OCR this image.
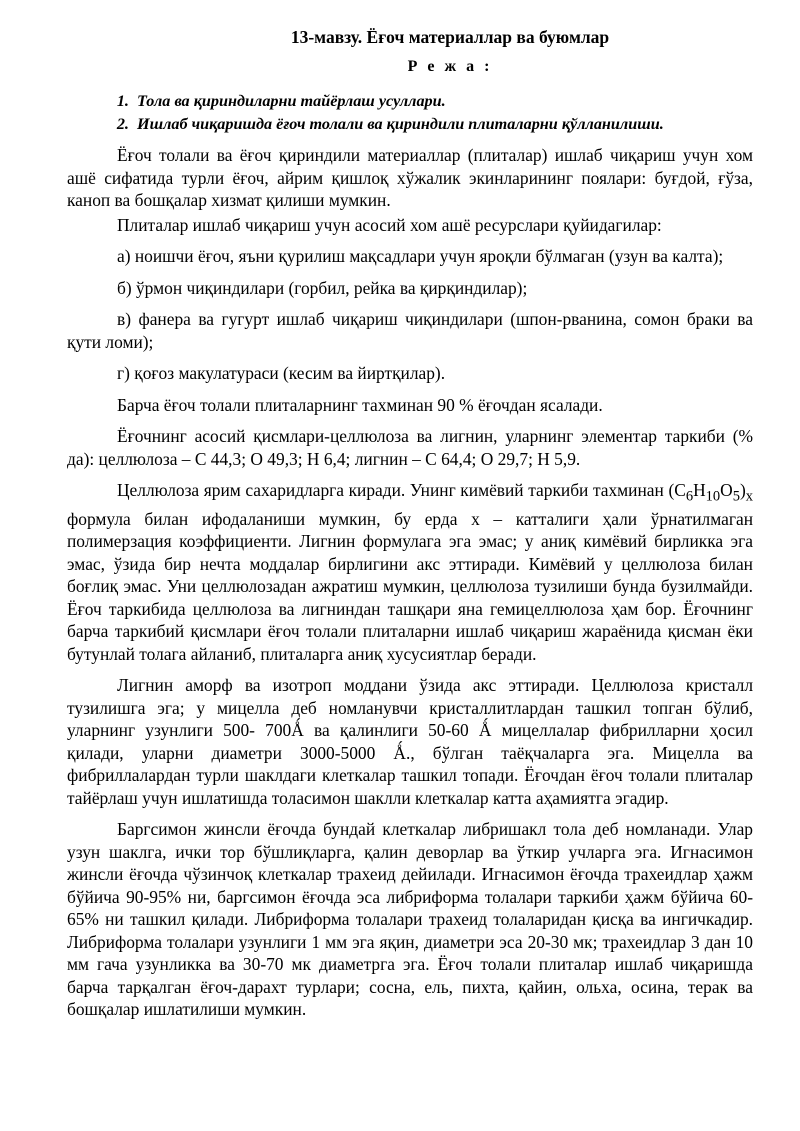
13-мавзу. Ёғоч материаллар ва буюмлар
Р е ж а :
1. Тола ва қириндиларни тайёрлаш усуллари.
2. Ишлаб чиқаришда ёғоч толали ва қириндили плиталарни қўлланилиши.

Ёғоч толали ва ёғоч қириндили материаллар (плиталар) ишлаб чиқариш учун хом ашё сифатида турли ёғоч, айрим қишлоқ хўжалик экинларининг поялари: буғдой, ғўза, каноп ва бошқалар хизмат қилиши мумкин.

Плиталар ишлаб чиқариш учун асосий хом ашё ресурслари қуйидагилар:

а) ноишчи ёғоч, яъни қурилиш мақсадлари учун яроқли бўлмаган (узун ва калта);

б) ўрмон чиқиндилари (горбил, рейка ва қирқиндилар);

в) фанера ва гугурт ишлаб чиқариш чиқиндилари (шпон-рванина, сомон браки ва қути ломи);

г) қоғоз макулатураси (кесим ва йиртқилар).

Барча ёғоч толали плиталарнинг тахминан 90 % ёғочдан ясалади.

Ёғочнинг асосий қисмлари-целлюлоза ва лигнин, уларнинг элементар таркиби (% да): целлюлоза – С 44,3; О 49,3; Н 6,4; лигнин – С 64,4; О 29,7; Н 5,9.

Целлюлоза ярим сахаридларга киради. Унинг кимёвий таркиби тахминан $(C_6H_{10}O_5)_x$ формула билан ифодаланиши мумкин, бу ерда х – катталиги ҳали ўрнатилмаган полимерзация коэффициенти. Лигнин формулага эга эмас; у аниқ кимёвий бирликка эга эмас, ўзида бир нечта моддалар бирлигини акс эттиради. Кимёвий у целлюлоза билан боғлиқ эмас. Уни целлюлозадан ажратиш мумкин, целлюлоза тузилиши бунда бузилмайди. Ёғоч таркибида целлюлоза ва лигниндан ташқари яна гемицеллюлоза ҳам бор. Ёғочнинг барча таркибий қисмлари ёғоч толали плиталарни ишлаб чиқариш жараёнида қисман ёки бутунлай толага айланиб, плиталарга аниқ хусусиятлар беради.

Лигнин аморф ва изотроп моддани ўзида акс эттиради. Целлюлоза кристалл тузилишга эга; у мицелла деб номланувчи кристаллитлардан ташкил топган бўлиб, уларнинг узунлиги 500- 700Ǻ ва қалинлиги 50-60 Ǻ мицеллалар фибрилларни ҳосил қилади, уларни диаметри 3000-5000 Ǻ., бўлган таёқчаларга эга. Мицелла ва фибриллалардан турли шаклдаги клеткалар ташкил топади. Ёғочдан ёғоч толали плиталар тайёрлаш учун ишлатишда толасимон шаклли клеткалар катта аҳамиятга эгадир.

Баргсимон жинсли ёғочда бундай клеткалар либришакл тола деб номланади. Улар узун шаклга, ички тор бўшлиқларга, қалин деворлар ва ўткир учларга эга. Игнасимон жинсли ёғочда чўзинчоқ клеткалар трахеид дейилади. Игнасимон ёғочда трахеидлар ҳажм бўйича 90-95% ни, баргсимон ёғочда эса либриформа толалари таркиби ҳажм бўйича 60-65% ни ташкил қилади. Либриформа толалари трахеид толаларидан қисқа ва ингичкадир. Либриформа толалари узунлиги 1 мм эга яқин, диаметри эса 20-30 мк; трахеидлар 3 дан 10 мм гача узунликка ва 30-70 мк диаметрга эга. Ёғоч толали плиталар ишлаб чиқаришда барча тарқалган ёғоч-дарахт турлари; сосна, ель, пихта, қайин, ольха, осина, терак ва бошқалар ишлатилиши мумкин.
